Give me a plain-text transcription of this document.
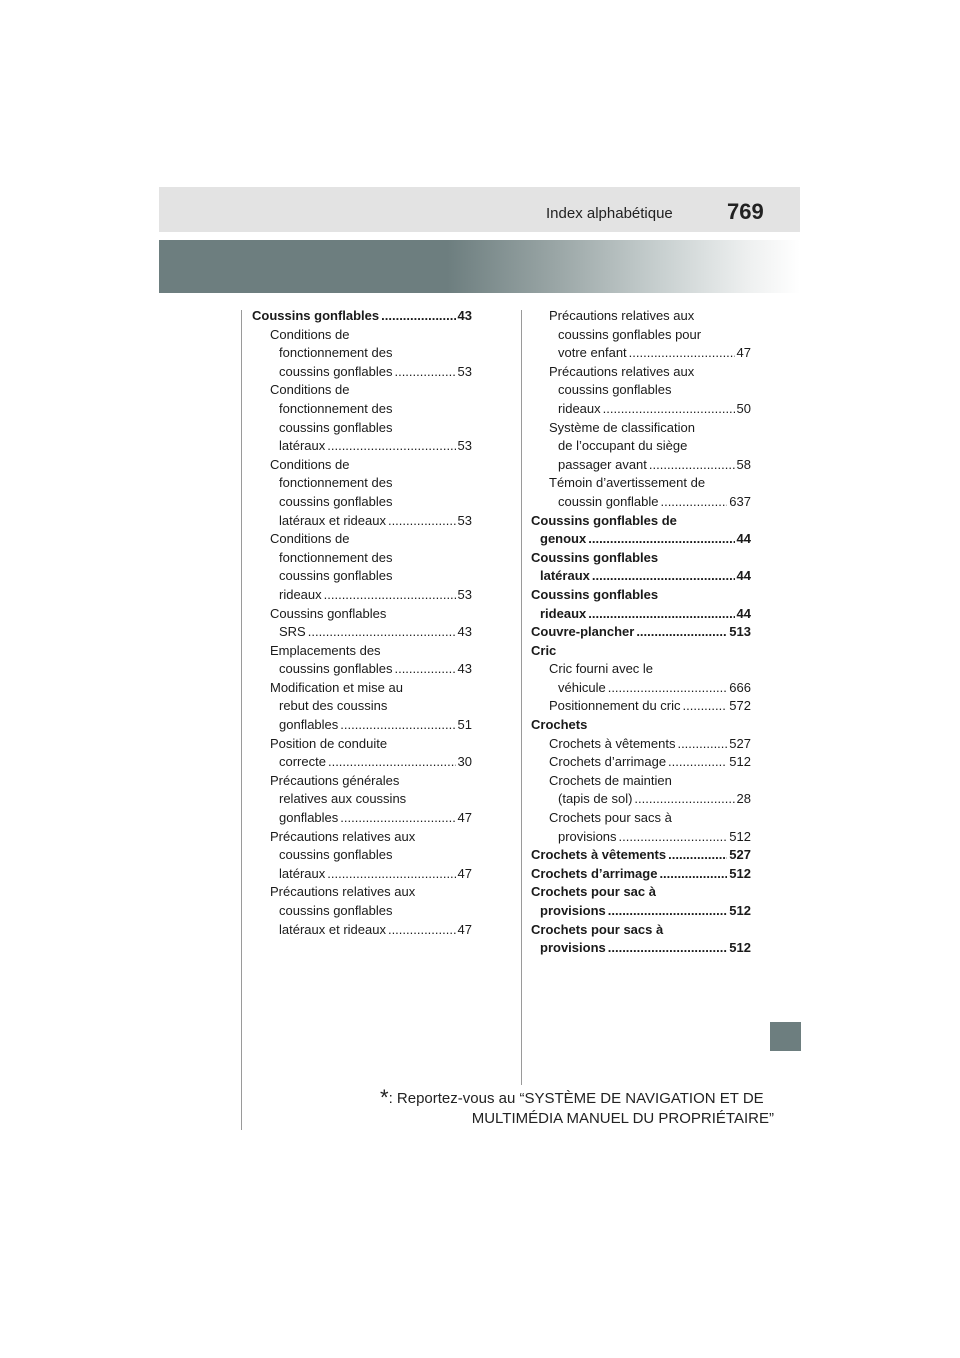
Index alphabétique 769
Coussins gonflables .....	43
Conditions de
fonctionnement des
coussins gonflables .....	53
Conditions de
fonctionnement des
coussins gonflables
latéraux .....	53
Conditions de
fonctionnement des
coussins gonflables
latéraux et rideaux .....	53
Conditions de
fonctionnement des
coussins gonflables
rideaux .....	53
Coussins gonflables
SRS .....	43
Emplacements des
coussins gonflables .....	43
Modification et mise au
rebut des coussins
gonflables .....	51
Position de conduite
correcte .....	30
Précautions générales
relatives aux coussins
gonflables .....	47
Précautions relatives aux
coussins gonflables
latéraux .....	47
Précautions relatives aux
coussins gonflables
latéraux et rideaux .....	47
Précautions relatives aux
coussins gonflables pour
votre enfant .....	47
Précautions relatives aux
coussins gonflables
rideaux .....	50
Système de classification
de l’occupant du siège
passager avant .....	58
Témoin d’avertissement de
coussin gonflable .....	637
Coussins gonflables de
genoux .....	44
Coussins gonflables
latéraux .....	44
Coussins gonflables
rideaux .....	44
Couvre-plancher .....	513
Cric
Cric fourni avec le
véhicule .....	666
Positionnement du cric .....	572
Crochets
Crochets à vêtements .....	527
Crochets d’arrimage .....	512
Crochets de maintien
(tapis de sol) .....	28
Crochets pour sacs à
provisions .....	512
Crochets à vêtements .....	527
Crochets d’arrimage .....	512
Crochets pour sac à
provisions .....	512
Crochets pour sacs à
provisions .....	512
*: Reportez-vous au “SYSTÈME DE NAVIGATION ET DE
MULTIMÉDIA MANUEL DU PROPRIÉTAIRE”
